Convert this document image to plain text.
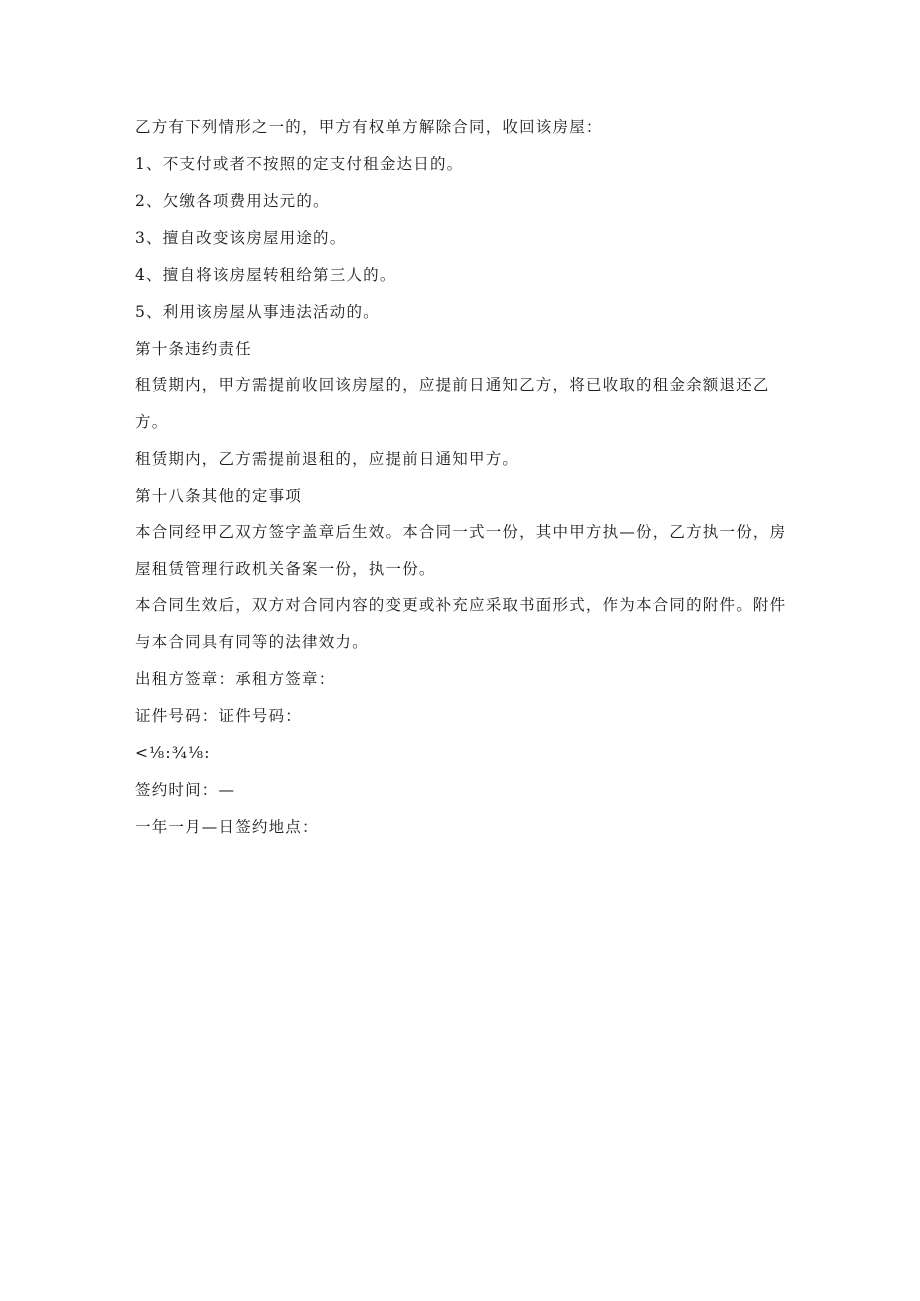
乙方有下列情形之一的，甲方有权单方解除合同，收回该房屋：

1、不支付或者不按照的定支付租金达日的。

2、欠缴各项费用达元的。

3、擅自改变该房屋用途的。

4、擅自将该房屋转租给第三人的。

5、利用该房屋从事违法活动的。

第十条违约责任

租赁期内，甲方需提前收回该房屋的，应提前日通知乙方，将已收取的租金余额退还乙方。

租赁期内，乙方需提前退租的，应提前日通知甲方。

第十八条其他的定事项

本合同经甲乙双方签字盖章后生效。本合同一式一份，其中甲方执—份，乙方执一份，房屋租赁管理行政机关备案一份，执一份。

本合同生效后，双方对合同内容的变更或补充应采取书面形式，作为本合同的附件。附件与本合同具有同等的法律效力。

出租方签章：承租方签章：

证件号码：证件号码：

<⅛:¾⅛:

签约时间：—

一年一月—日签约地点：
